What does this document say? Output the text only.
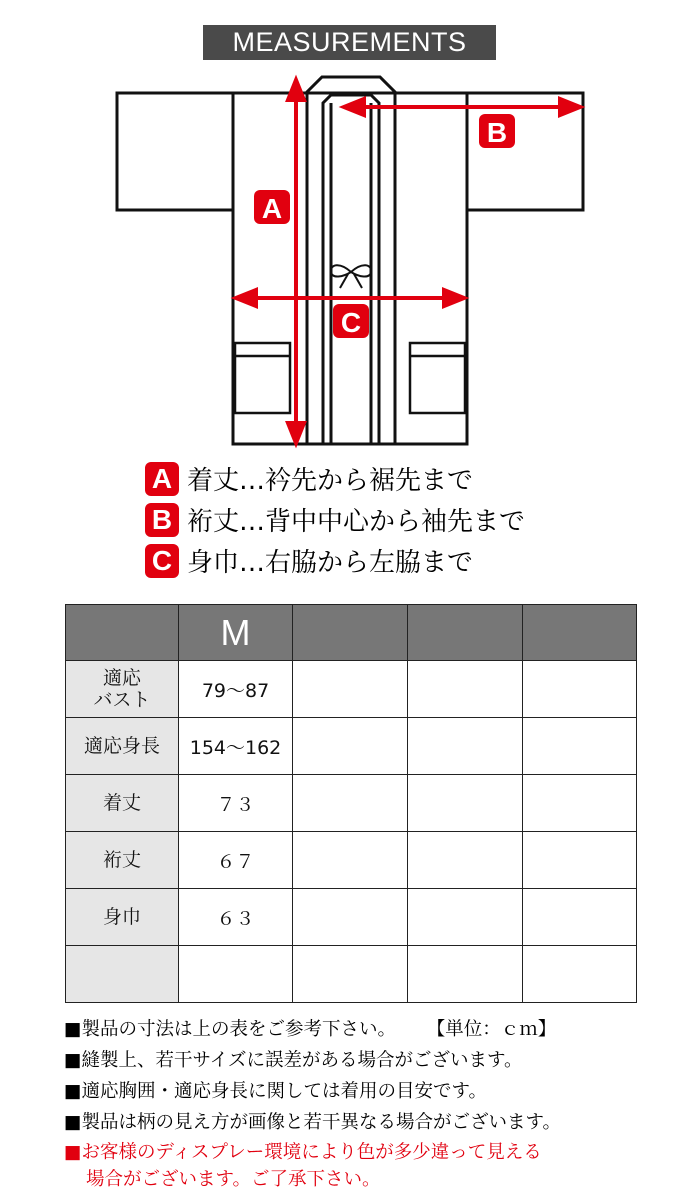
MEASUREMENTS
A
B
C
A 着丈…衿先から裾先まで
B 裄丈…背中中心から袖先まで
C 身巾…右脇から左脇まで
	M			
適応
バスト	79～87			
適応身長	154～162			
着丈	７３			
裄丈	６７			
身巾	６３			

■製品の寸法は上の表をご参考下さい。 【単位：ｃｍ】
■縫製上、若干サイズに誤差がある場合がございます。
■適応胸囲・適応身長に関しては着用の目安です。
■製品は柄の見え方が画像と若干異なる場合がございます。
■お客様のディスプレー環境により色が多少違って見える
場合がございます。ご了承下さい。
